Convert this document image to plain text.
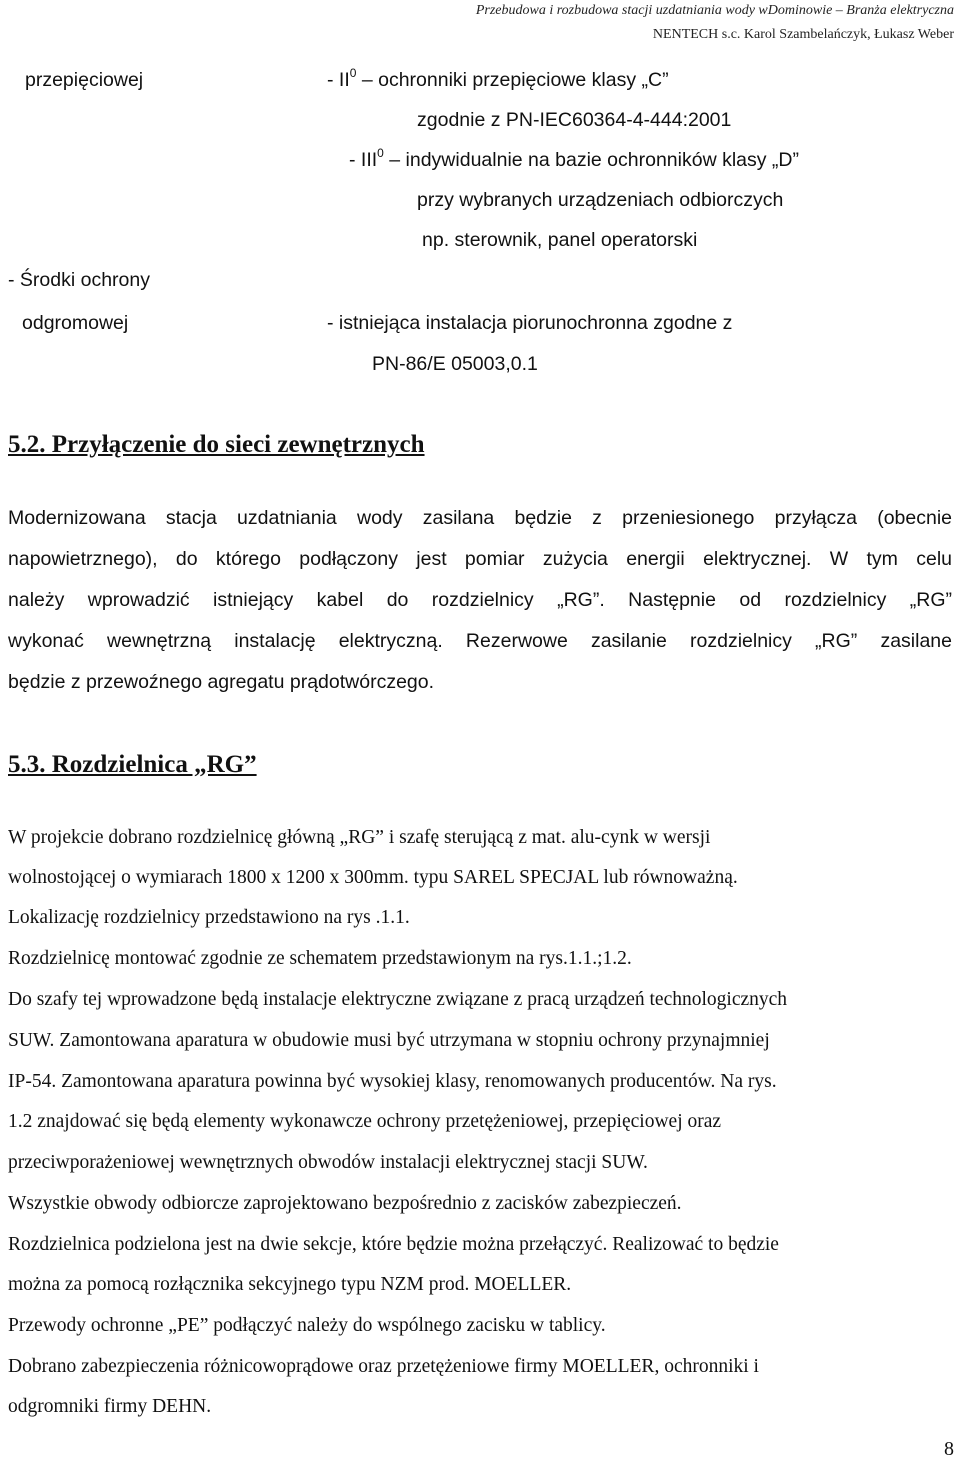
Przebudowa i rozbudowa stacji uzdatniania wody wDominowie – Branża elektryczna
NENTECH s.c. Karol Szambelańczyk, Łukasz Weber
przepięciowej	- $II^0$ – ochronniki przepięciowe klasy „C”
zgodnie z PN-IEC60364-4-444:2001
- III$^0$ – indywidualnie na bazie ochronników klasy „D”
przy wybranych urządzeniach odbiorczych
np. sterownik, panel operatorski
- Środki ochrony
odgromowej	- istniejąca instalacja piorunochronna zgodne z
PN-86/E 05003,0.1
5.2. Przyłączenie do sieci zewnętrznych
Modernizowana stacja uzdatniania wody zasilana będzie z przeniesionego przyłącza (obecnie
napowietrznego), do którego podłączony jest pomiar zużycia energii elektrycznej. W tym celu
należy wprowadzić istniejący kabel do rozdzielnicy „RG”. Następnie od rozdzielnicy „RG”
wykonać wewnętrzną instalację elektryczną. Rezerwowe zasilanie rozdzielnicy „RG” zasilane
będzie z przewoźnego agregatu prądotwórczego.
5.3. Rozdzielnica „RG”
W projekcie dobrano rozdzielnicę główną „RG” i szafę sterującą z mat. alu-cynk w wersji
wolnostojącej o wymiarach 1800 x 1200 x 300mm. typu SAREL SPECJAL lub równoważną.
Lokalizację rozdzielnicy przedstawiono na rys .1.1.
Rozdzielnicę montować zgodnie ze schematem przedstawionym na rys.1.1.;1.2.
Do szafy tej wprowadzone będą instalacje elektryczne związane z pracą urządzeń technologicznych
SUW. Zamontowana aparatura w obudowie musi być utrzymana w stopniu ochrony przynajmniej
IP-54. Zamontowana aparatura powinna być wysokiej klasy, renomowanych producentów. Na rys.
1.2 znajdować się będą elementy wykonawcze ochrony przetężeniowej, przepięciowej oraz
przeciwporażeniowej wewnętrznych obwodów instalacji elektrycznej stacji SUW.
Wszystkie obwody odbiorcze zaprojektowano bezpośrednio z zacisków zabezpieczeń.
Rozdzielnica podzielona jest na dwie sekcje, które będzie można przełączyć. Realizować to będzie
można za pomocą rozłącznika sekcyjnego typu NZM prod. MOELLER.
Przewody ochronne „PE” podłączyć należy do wspólnego zacisku w tablicy.
Dobrano zabezpieczenia różnicowoprądowe oraz przetężeniowe firmy MOELLER, ochronniki i
odgromniki firmy DEHN.
8
